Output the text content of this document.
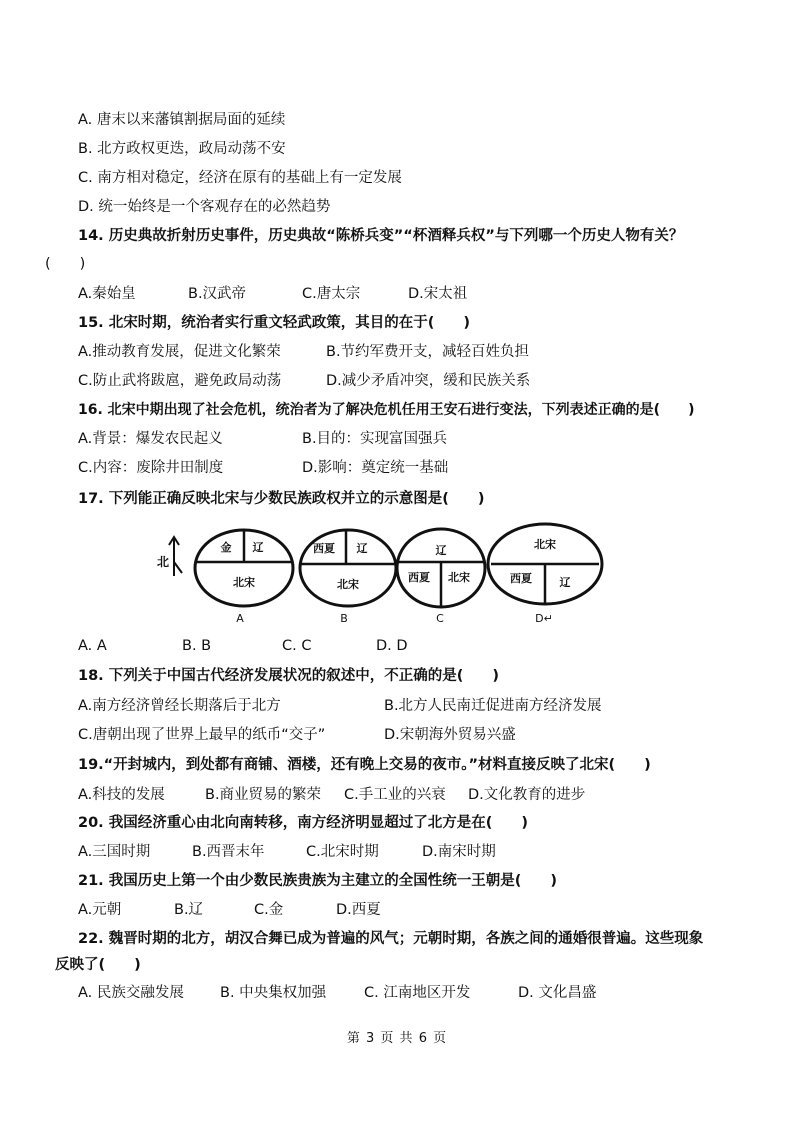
A. 唐末以来藩镇割据局面的延续
B. 北方政权更迭，政局动荡不安
C. 南方相对稳定，经济在原有的基础上有一定发展
D. 统一始终是一个客观存在的必然趋势
14. 历史典故折射历史事件，历史典故“陈桥兵变”“杯酒释兵权”与下列哪一个历史人物有关？
(　　)
A.秦始皇	B.汉武帝	C.唐太宗	D.宋太祖
15. 北宋时期，统治者实行重文轻武政策，其目的在于(　　)
A.推动教育发展，促进文化繁荣	B.节约军费开支，减轻百姓负担
C.防止武将跋扈，避免政局动荡	D.减少矛盾冲突，缓和民族关系
16. 北宋中期出现了社会危机，统治者为了解决危机任用王安石进行变法，下列表述正确的是(　　)
A.背景：爆发农民起义	B.目的：实现富国强兵
C.内容：废除井田制度	D.影响：奠定统一基础
17. 下列能正确反映北宋与少数民族政权并立的示意图是(　　)
北
金 辽
北宋
西夏 辽
北宋
辽
西夏 北宋
北宋
西夏	辽
A	B	C	D↵
A. A	B. B	C. C	D. D
18. 下列关于中国古代经济发展状况的叙述中，不正确的是(　　)
A.南方经济曾经长期落后于北方	B.北方人民南迁促进南方经济发展
C.唐朝出现了世界上最早的纸币“交子”	D.宋朝海外贸易兴盛
19.“开封城内，到处都有商铺、酒楼，还有晚上交易的夜市。”材料直接反映了北宋(　　)
A.科技的发展	B.商业贸易的繁荣 C.手工业的兴衰 D.文化教育的进步
20. 我国经济重心由北向南转移，南方经济明显超过了北方是在(　　)
A.三国时期	B.西晋末年	C.北宋时期	D.南宋时期
21. 我国历史上第一个由少数民族贵族为主建立的全国性统一王朝是(　　)
A.元朝	B.辽	C.金	D.西夏
22. 魏晋时期的北方，胡汉合舞已成为普遍的风气；元朝时期，各族之间的通婚很普遍。这些现象
反映了(　　)
A. 民族交融发展 B. 中央集权加强	C. 江南地区开发	D. 文化昌盛
第 3 页 共 6 页
